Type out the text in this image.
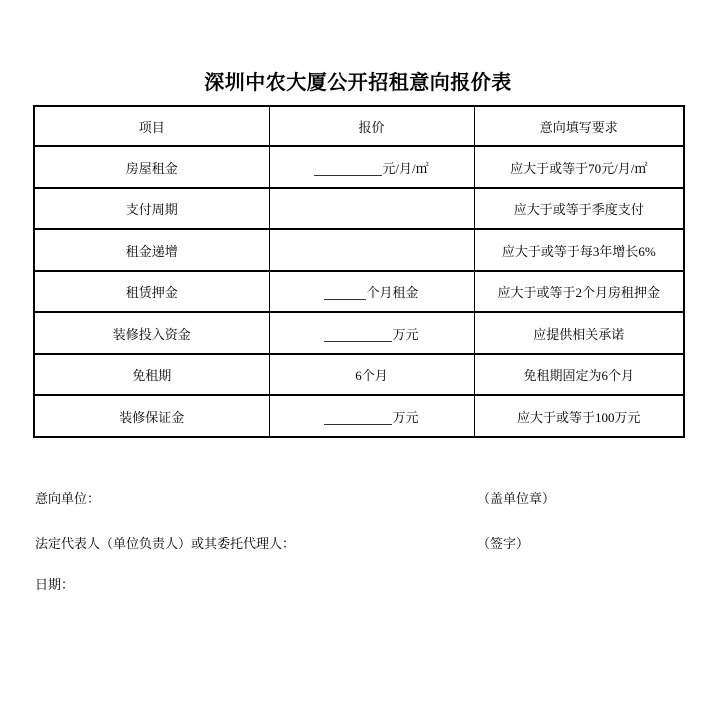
深圳中农大厦公开招租意向报价表
项目	报价	意向填写要求
房屋租金	元/月/㎡	应大于或等于70元/月/㎡
支付周期		应大于或等于季度支付
租金递增		应大于或等于每3年增长6%
租赁押金	个月租金	应大于或等于2个月房租押金
装修投入资金	万元	应提供相关承诺
免租期	6个月	免租期固定为6个月
装修保证金	万元	应大于或等于100万元
意向单位：	（盖单位章）
法定代表人（单位负责人）或其委托代理人：	（签字）
日期：
